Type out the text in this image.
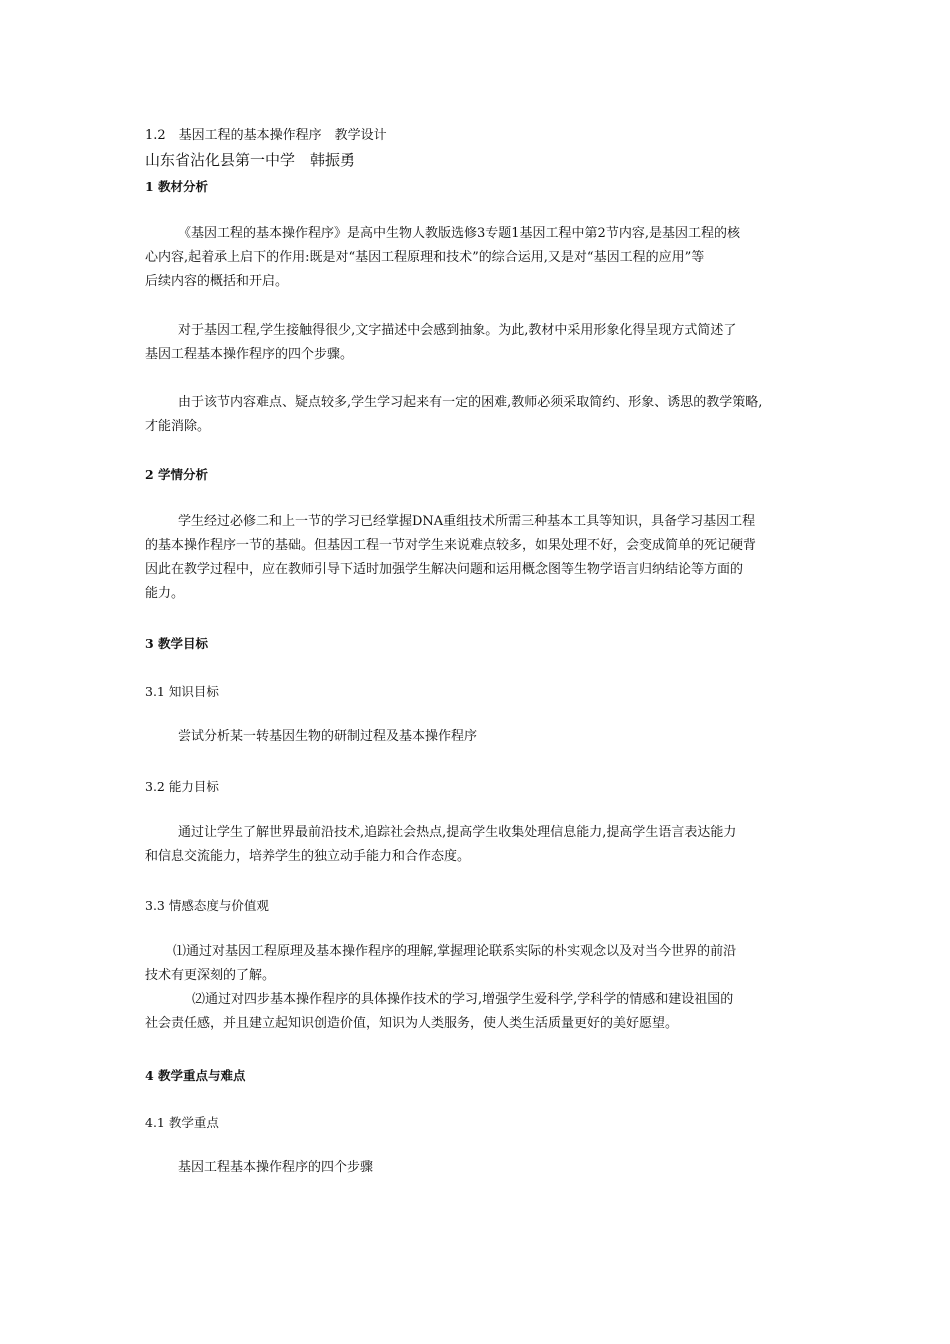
1.2　基因工程的基本操作程序　教学设计
山东省沾化县第一中学　韩振勇
1 教材分析
《基因工程的基本操作程序》是高中生物人教版选修3专题1基因工程中第2节内容,是基因工程的核
心内容,起着承上启下的作用:既是对“基因工程原理和技术”的综合运用,又是对“基因工程的应用”等
后续内容的概括和开启。
对于基因工程,学生接触得很少,文字描述中会感到抽象。为此,教材中采用形象化得呈现方式简述了
基因工程基本操作程序的四个步骤。
由于该节内容难点、疑点较多,学生学习起来有一定的困难,教师必须采取简约、形象、诱思的教学策略,
才能消除。
2 学情分析
学生经过必修二和上一节的学习已经掌握DNA重组技术所需三种基本工具等知识，具备学习基因工程
的基本操作程序一节的基础。但基因工程一节对学生来说难点较多，如果处理不好，会变成简单的死记硬背
因此在教学过程中，应在教师引导下适时加强学生解决问题和运用概念图等生物学语言归纳结论等方面的
能力。
3 教学目标
3.1 知识目标
尝试分析某一转基因生物的研制过程及基本操作程序
3.2 能力目标
通过让学生了解世界最前沿技术,追踪社会热点,提高学生收集处理信息能力,提高学生语言表达能力
和信息交流能力，培养学生的独立动手能力和合作态度。
3.3 情感态度与价值观
⑴通过对基因工程原理及基本操作程序的理解,掌握理论联系实际的朴实观念以及对当今世界的前沿
技术有更深刻的了解。
⑵通过对四步基本操作程序的具体操作技术的学习,增强学生爱科学,学科学的情感和建设祖国的
社会责任感，并且建立起知识创造价值，知识为人类服务，使人类生活质量更好的美好愿望。
4 教学重点与难点
4.1 教学重点
基因工程基本操作程序的四个步骤
